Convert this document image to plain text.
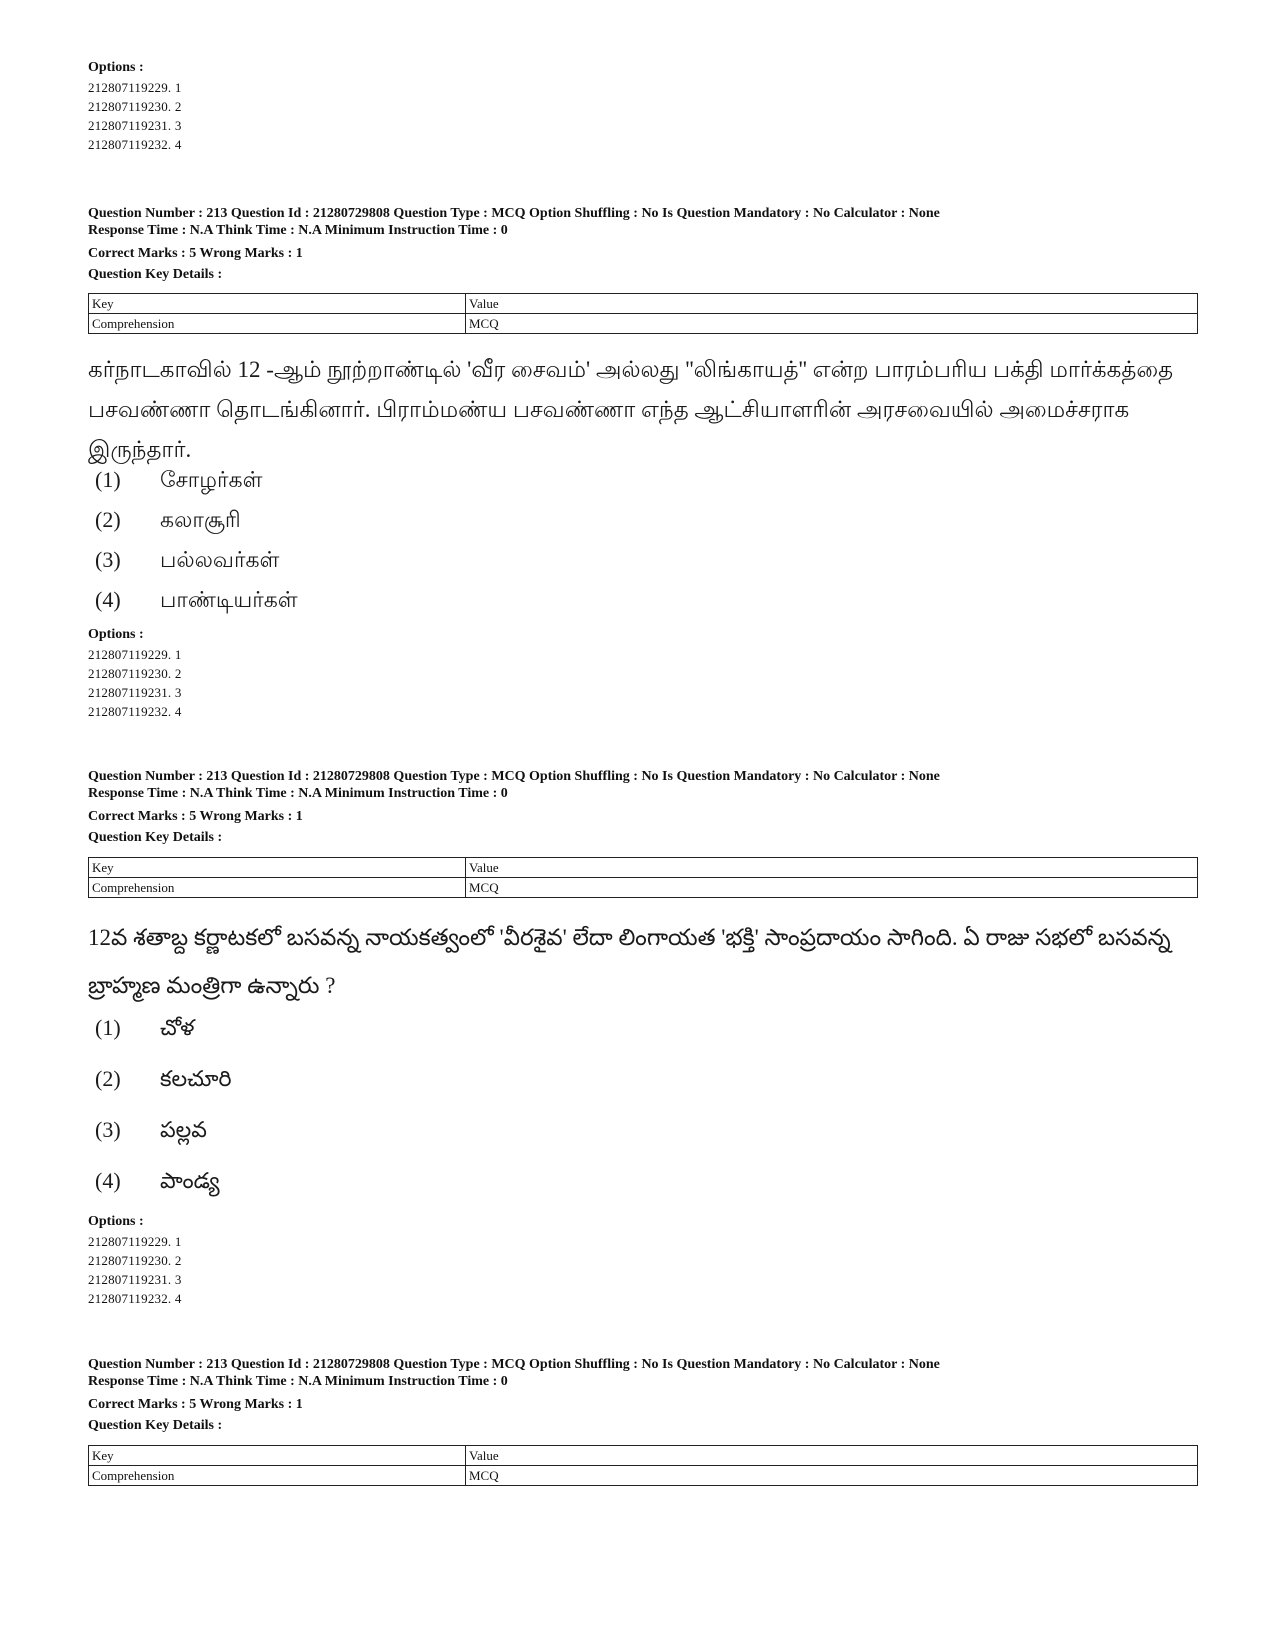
Options :
212807119229. 1
212807119230. 2
212807119231. 3
212807119232. 4
Question Number : 213 Question Id : 21280729808 Question Type : MCQ Option Shuffling : No Is Question Mandatory : No Calculator : None
Response Time : N.A Think Time : N.A Minimum Instruction Time : 0
Correct Marks : 5 Wrong Marks : 1
Question Key Details :
Key	Value
Comprehension	MCQ
கர்நாடகாவில் 12 -ஆம் நூற்றாண்டில் 'வீர சைவம்' அல்லது ''லிங்காயத்'' என்ற பாரம்பரிய பக்தி மார்க்கத்தை பசவண்ணா தொடங்கினார். பிராம்மண்ய பசவண்ணா எந்த ஆட்சியாளரின் அரசவையில் அமைச்சராக இருந்தார்.
(1) சோழர்கள்
(2) கலாசூரி
(3) பல்லவர்கள்
(4) பாண்டியர்கள்
Options :
212807119229. 1
212807119230. 2
212807119231. 3
212807119232. 4
Question Number : 213 Question Id : 21280729808 Question Type : MCQ Option Shuffling : No Is Question Mandatory : No Calculator : None
Response Time : N.A Think Time : N.A Minimum Instruction Time : 0
Correct Marks : 5 Wrong Marks : 1
Question Key Details :
Key	Value
Comprehension	MCQ
12వ శతాబ్ద కర్ణాటకలో బసవన్న నాయకత్వంలో 'వీరశైవ' లేదా లింగాయత 'భక్తి' సాంప్రదాయం సాగింది. ఏ రాజు సభలో బసవన్న బ్రాహ్మణ మంత్రిగా ఉన్నారు ?
(1) చోళ
(2) కలచూరి
(3) పల్లవ
(4) పాండ్య
Options :
212807119229. 1
212807119230. 2
212807119231. 3
212807119232. 4
Question Number : 213 Question Id : 21280729808 Question Type : MCQ Option Shuffling : No Is Question Mandatory : No Calculator : None
Response Time : N.A Think Time : N.A Minimum Instruction Time : 0
Correct Marks : 5 Wrong Marks : 1
Question Key Details :
Key	Value
Comprehension	MCQ
